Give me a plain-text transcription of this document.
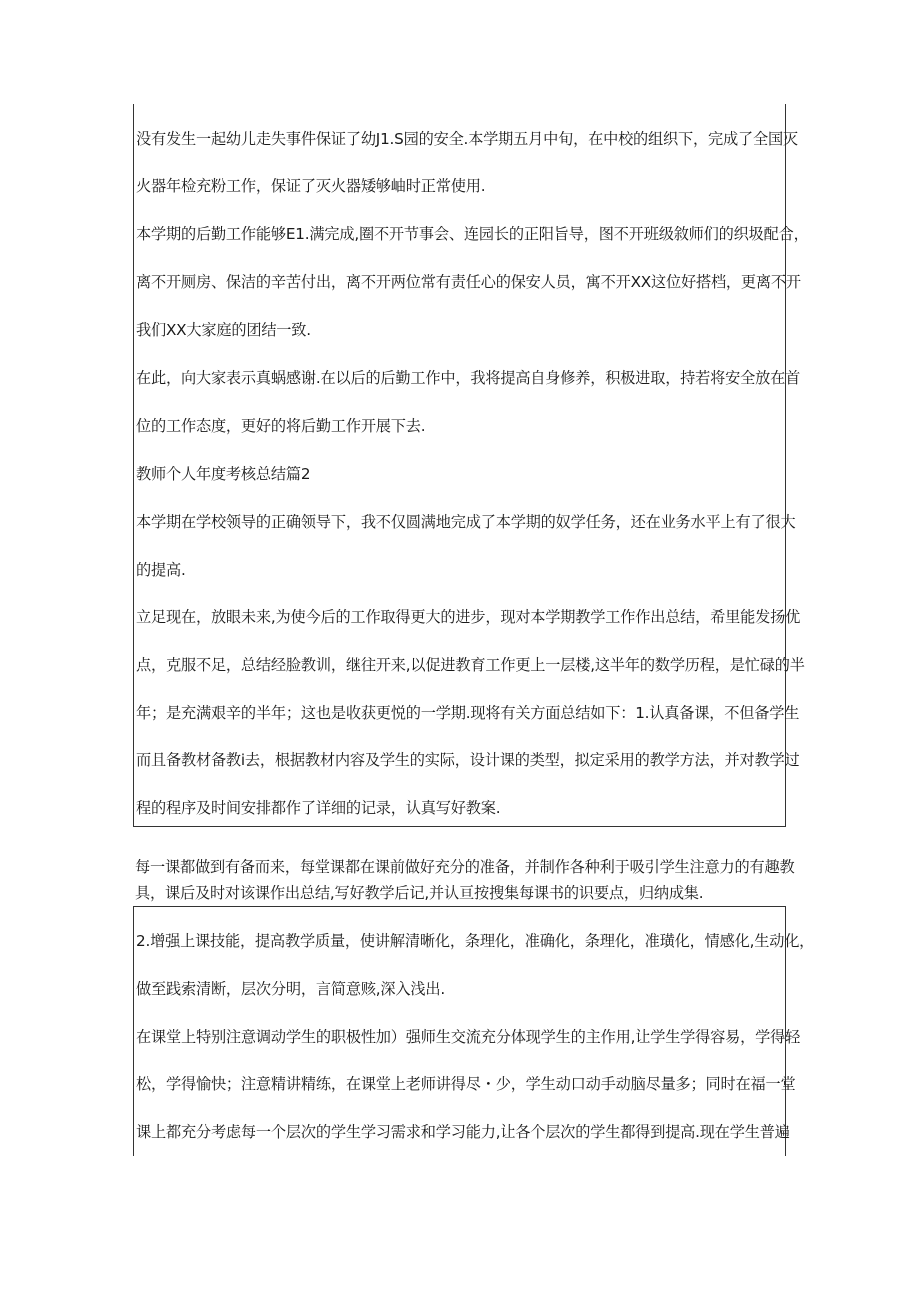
没有发生一起幼儿走失事件保证了幼J1.S园的安全.本学期五月中旬，在中校的组织下，完成了全国灭

火器年检充粉工作，保证了灭火器矮够岫时正常使用.

本学期的后勤工作能够E1.满完成,圈不开节事会、连园长的正阳旨导，图不开班级敘师们的织圾配合，

离不开厕房、保洁的辛苦付出，离不开两位常有责任心的保安人员，寓不开XX这位好搭档，更离不开

我们XX大家庭的团结一致.

在此，向大家表示真蜗感谢.在以后的后勤工作中，我将提高自身修养，积极进取，持若将安全放在首

位的工作态度，更好的将后勤工作开展下去.

教师个人年度考核总结篇2

本学期在学校领导的正确领导下，我不仅圆满地完成了本学期的奴学任务，还在业务水平上有了很大

的提高.

立足现在，放眼未来,为使今后的工作取得更大的进步，现对本学期教学工作作出总结，希里能发扬优

点，克服不足，总结经脸教训，继往开来,以促进教育工作更上一层楼,这半年的数学历程，是忙碌的半

年；是充满艰辛的半年；这也是收获更悦的一学期.现将有关方面总结如下：1.认真备课，不但备学生

而且备教材备教i去，根据教材内容及学生的实际，设计课的类型，拟定采用的教学方法，并对教学过

程的程序及时间安排都作了详细的记录，认真写好教案.

每一课都做到有备而来，每堂课都在课前做好充分的准备，并制作各种利于吸引学生注意力的有趣教

具，课后及时对该课作出总结,写好教学后记,并认亘按搜集每课书的识要点，归纳成集.

2.增强上课技能，提高教学质量，使讲解清晰化，条理化，准确化，条理化，准璜化，情感化,生动化，

做至践索清断，层次分明，言简意赅,深入浅出.

在课堂上特别注意调动学生的职极性加）强师生交流充分体现学生的主作用,让学生学得容易，学得轻

松，学得愉快；注意精讲精练，在课堂上老师讲得尽・少，学生动口动手动脑尽量多；同时在福一堂

课上都充分考虑每一个层次的学生学习需求和学习能力,让各个层次的学生都得到提高.现在学生普遍
